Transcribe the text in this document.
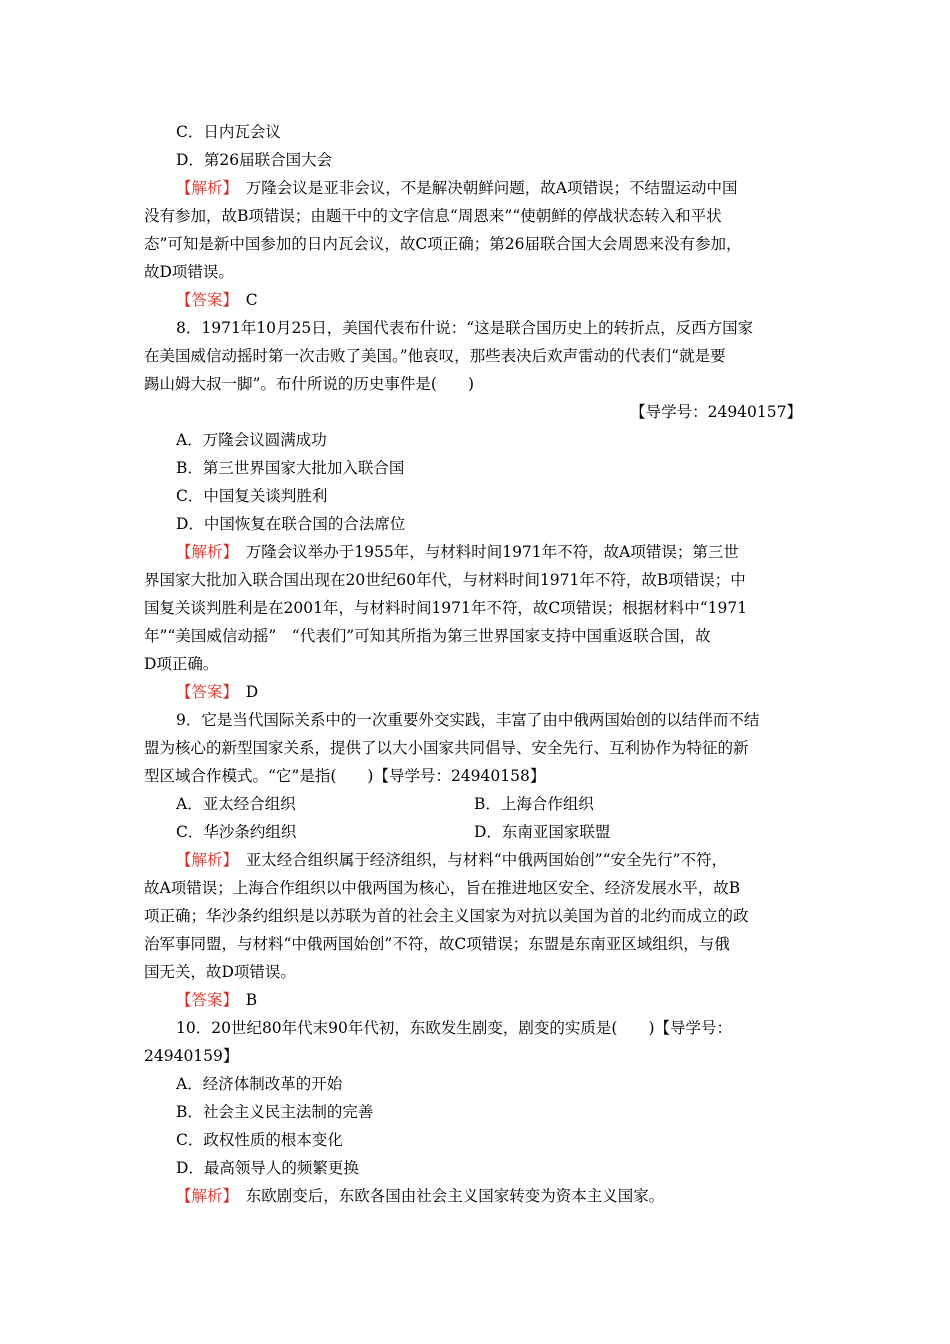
C．日内瓦会议
D．第26届联合国大会
【解析】　万隆会议是亚非会议，不是解决朝鲜问题，故A项错误；不结盟运动中国
没有参加，故B项错误；由题干中的文字信息“周恩来”“使朝鲜的停战状态转入和平状
态”可知是新中国参加的日内瓦会议，故C项正确；第26届联合国大会周恩来没有参加，
故D项错误。
【答案】　C
8．1971年10月25日，美国代表布什说：“这是联合国历史上的转折点，反西方国家
在美国威信动摇时第一次击败了美国。”他哀叹，那些表决后欢声雷动的代表们“就是要
踢山姆大叔一脚”。布什所说的历史事件是(　　)
【导学号：24940157】
A．万隆会议圆满成功
B．第三世界国家大批加入联合国
C．中国复关谈判胜利
D．中国恢复在联合国的合法席位
【解析】　万隆会议举办于1955年，与材料时间1971年不符，故A项错误；第三世
界国家大批加入联合国出现在20世纪60年代，与材料时间1971年不符，故B项错误；中
国复关谈判胜利是在2001年，与材料时间1971年不符，故C项错误；根据材料中“1971
年”“美国威信动摇”　“代表们”可知其所指为第三世界国家支持中国重返联合国，故
D项正确。
【答案】　D
9．它是当代国际关系中的一次重要外交实践，丰富了由中俄两国始创的以结伴而不结
盟为核心的新型国家关系，提供了以大小国家共同倡导、安全先行、互利协作为特征的新
型区域合作模式。“它”是指(　　)【导学号：24940158】
A．亚太经合组织	B．上海合作组织
C．华沙条约组织	D．东南亚国家联盟
【解析】　亚太经合组织属于经济组织，与材料“中俄两国始创”“安全先行”不符，
故A项错误；上海合作组织以中俄两国为核心，旨在推进地区安全、经济发展水平，故B
项正确；华沙条约组织是以苏联为首的社会主义国家为对抗以美国为首的北约而成立的政
治军事同盟，与材料“中俄两国始创”不符，故C项错误；东盟是东南亚区域组织，与俄
国无关，故D项错误。
【答案】　B
10．20世纪80年代末90年代初，东欧发生剧变，剧变的实质是(　　)【导学号：
24940159】
A．经济体制改革的开始
B．社会主义民主法制的完善
C．政权性质的根本变化
D．最高领导人的频繁更换
【解析】　东欧剧变后，东欧各国由社会主义国家转变为资本主义国家。
